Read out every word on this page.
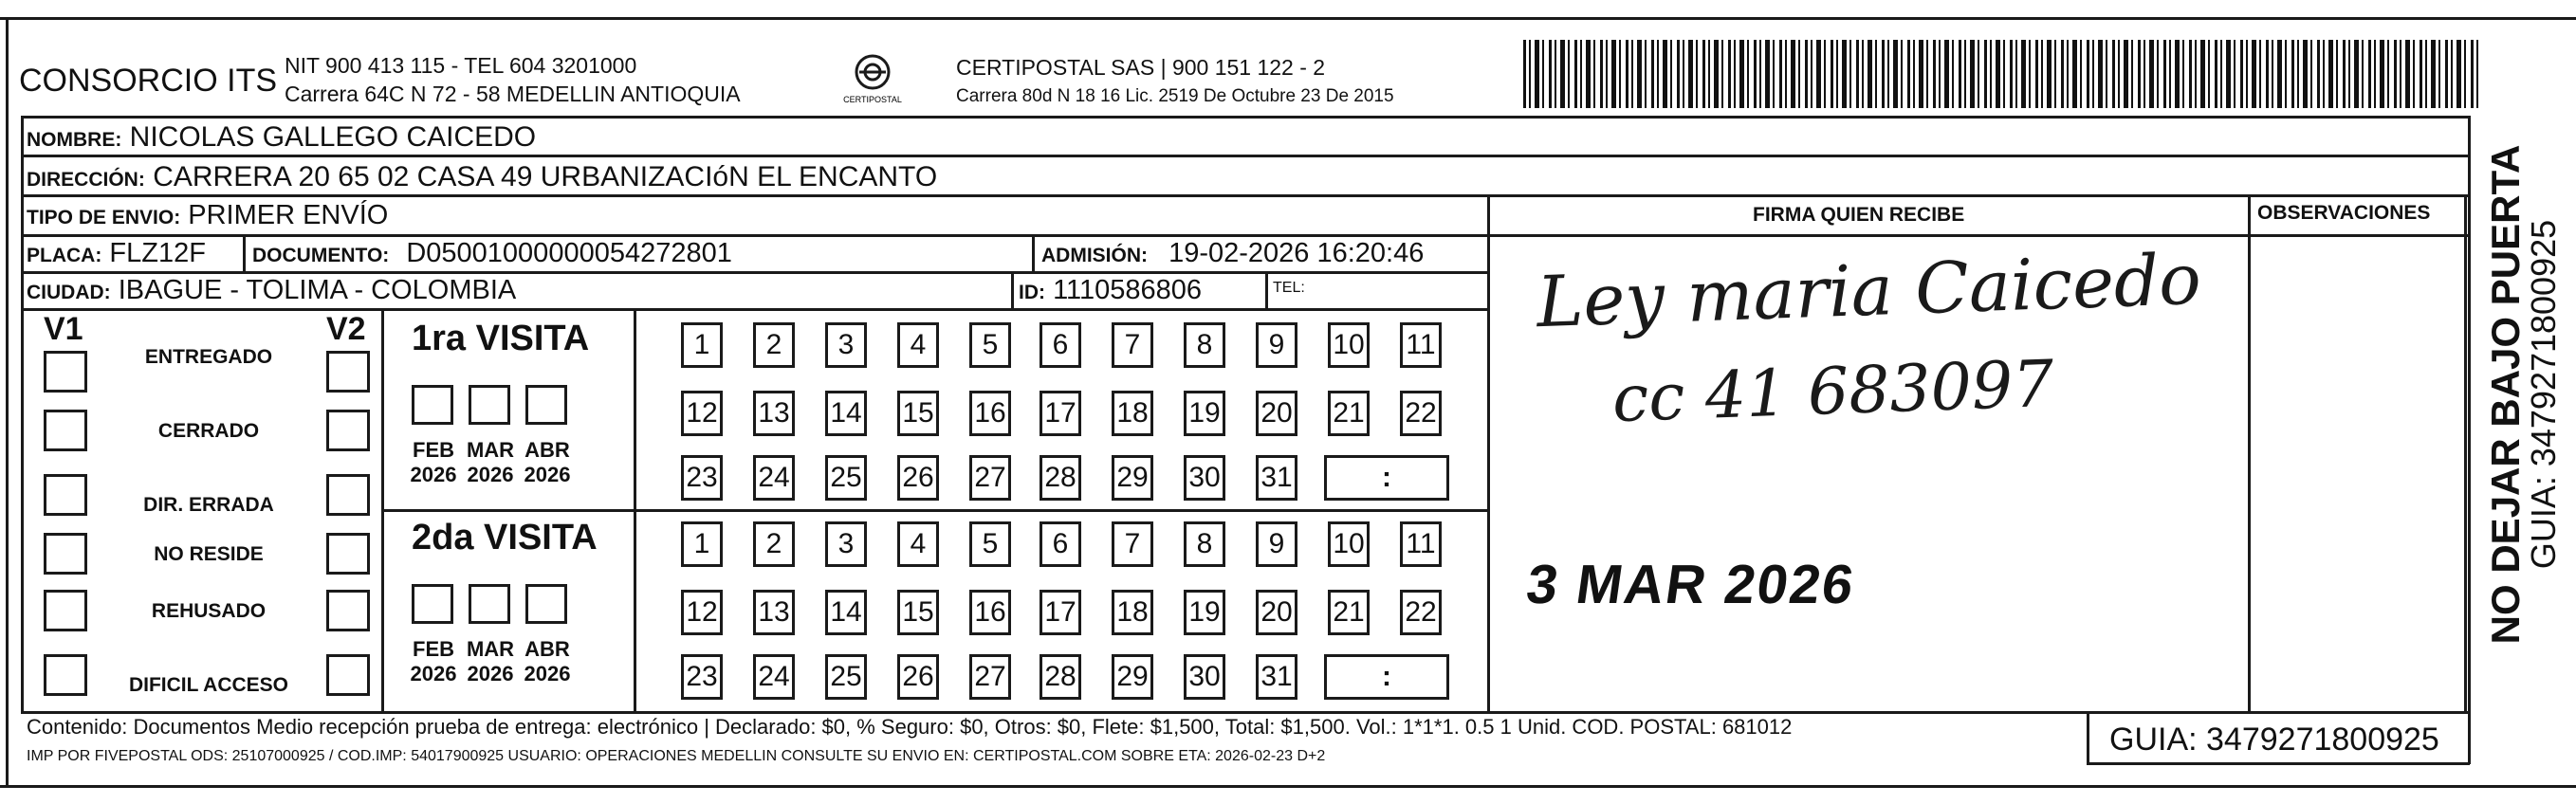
CONSORCIO ITS NIT 900 413 115 - TEL 604 3201000
Carrera 64C N 72 - 58 MEDELLIN ANTIOQUIA	CERTIPOSTAL
CERTIPOSTAL SAS | 900 151 122 - 2
Carrera 80d N 18 16 Lic. 2519 De Octubre 23 De 2015
NOMBRE: NICOLAS GALLEGO CAICEDO
DIRECCIÓN: CARRERA 20 65 02 CASA 49 URBANIZACIóN EL ENCANTO
TIPO DE ENVIO: PRIMER ENVÍO
PLACA: FLZ12F DOCUMENTO: D05001000000054272801	ADMISIÓN: 19-02-2026 16:20:46
CIUDAD: IBAGUE - TOLIMA - COLOMBIA	ID: 1110586806	TEL:
FIRMA QUIEN RECIBE	OBSERVACIONES
Ley maria Caicedo
cc 41 683097
3 MAR 2026
V1	V2
ENTREGADO
CERRADO
DIR. ERRADA
NO RESIDE
REHUSADO
DIFICIL ACCESO
1ra VISITA
FEB
2026
MAR
2026
ABR
2026
1	2	3	4	5	6	7	8	9	10 11
12 13 14 15 16 17 18 19 20 21 22
23 24 25 26 27 28 29 30 31	:
2da VISITA
FEB
2026
MAR
2026
ABR
2026
1	2	3	4	5	6	7	8	9	10 11
12 13 14 15 16 17 18 19 20 21 22
23 24 25 26 27 28 29 30 31	:
Contenido: Documentos Medio recepción prueba de entrega: electrónico | Declarado: $0, % Seguro: $0, Otros: $0, Flete: $1,500, Total: $1,500. Vol.: 1*1*1. 0.5 1 Unid. COD. POSTAL: 681012
IMP POR FIVEPOSTAL ODS: 25107000925 / COD.IMP: 54017900925 USUARIO: OPERACIONES MEDELLIN CONSULTE SU ENVIO EN: CERTIPOSTAL.COM SOBRE ETA: 2026-02-23 D+2	GUIA: 3479271800925
NO DEJAR BAJO PUERTA
GUIA: 3479271800925
